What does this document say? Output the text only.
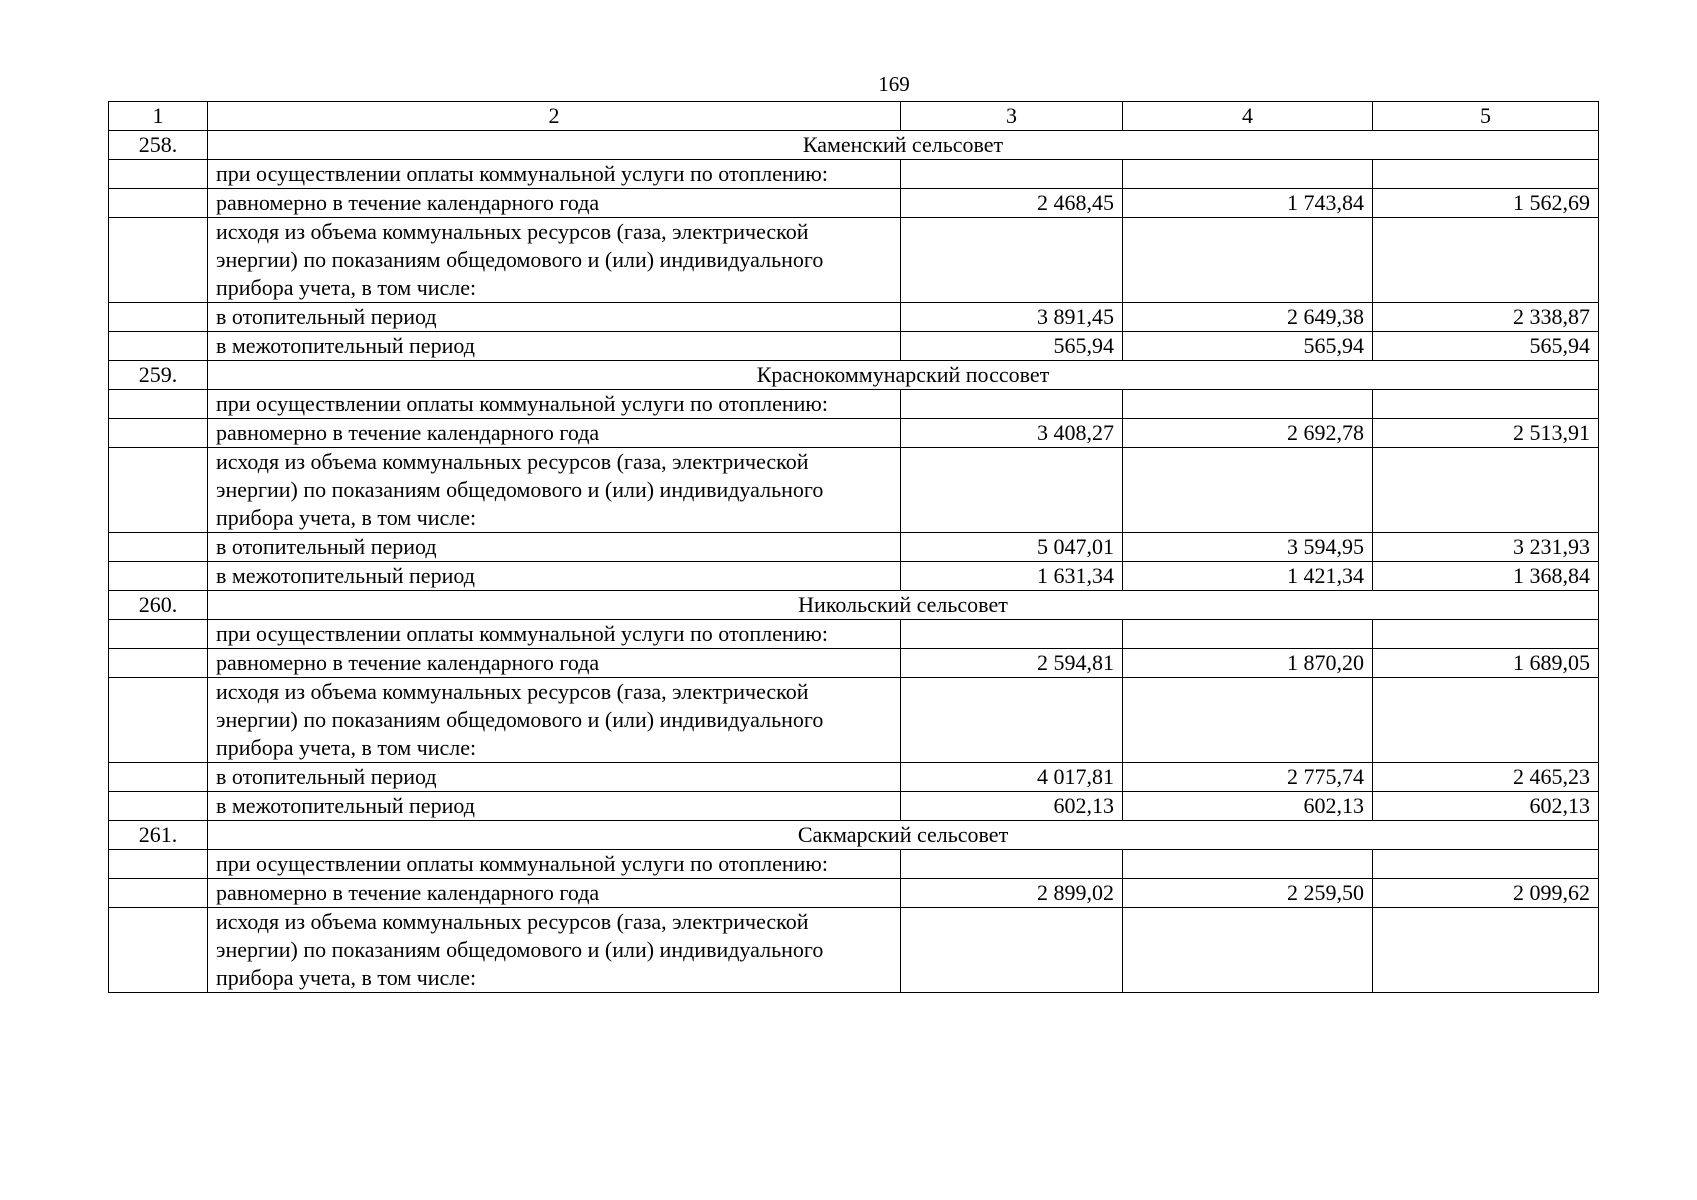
169
1	2	3	4	5
258.	Каменский сельсовет			
	при осуществлении оплаты коммунальной услуги по отоплению:			
	равномерно в течение календарного года	2 468,45	1 743,84	1 562,69
	исходя из объема коммунальных ресурсов (газа, электрической энергии) по показаниям общедомового и (или) индивидуального прибора учета, в том числе:			
	в отопительный период	3 891,45	2 649,38	2 338,87
	в межотопительный период	565,94	565,94	565,94
259.	Краснокоммунарский поссовет			
	при осуществлении оплаты коммунальной услуги по отоплению:			
	равномерно в течение календарного года	3 408,27	2 692,78	2 513,91
	исходя из объема коммунальных ресурсов (газа, электрической энергии) по показаниям общедомового и (или) индивидуального прибора учета, в том числе:			
	в отопительный период	5 047,01	3 594,95	3 231,93
	в межотопительный период	1 631,34	1 421,34	1 368,84
260.	Никольский сельсовет			
	при осуществлении оплаты коммунальной услуги по отоплению:			
	равномерно в течение календарного года	2 594,81	1 870,20	1 689,05
	исходя из объема коммунальных ресурсов (газа, электрической энергии) по показаниям общедомового и (или) индивидуального прибора учета, в том числе:			
	в отопительный период	4 017,81	2 775,74	2 465,23
	в межотопительный период	602,13	602,13	602,13
261.	Сакмарский сельсовет			
	при осуществлении оплаты коммунальной услуги по отоплению:			
	равномерно в течение календарного года	2 899,02	2 259,50	2 099,62
	исходя из объема коммунальных ресурсов (газа, электрической энергии) по показаниям общедомового и (или) индивидуального прибора учета, в том числе:			
